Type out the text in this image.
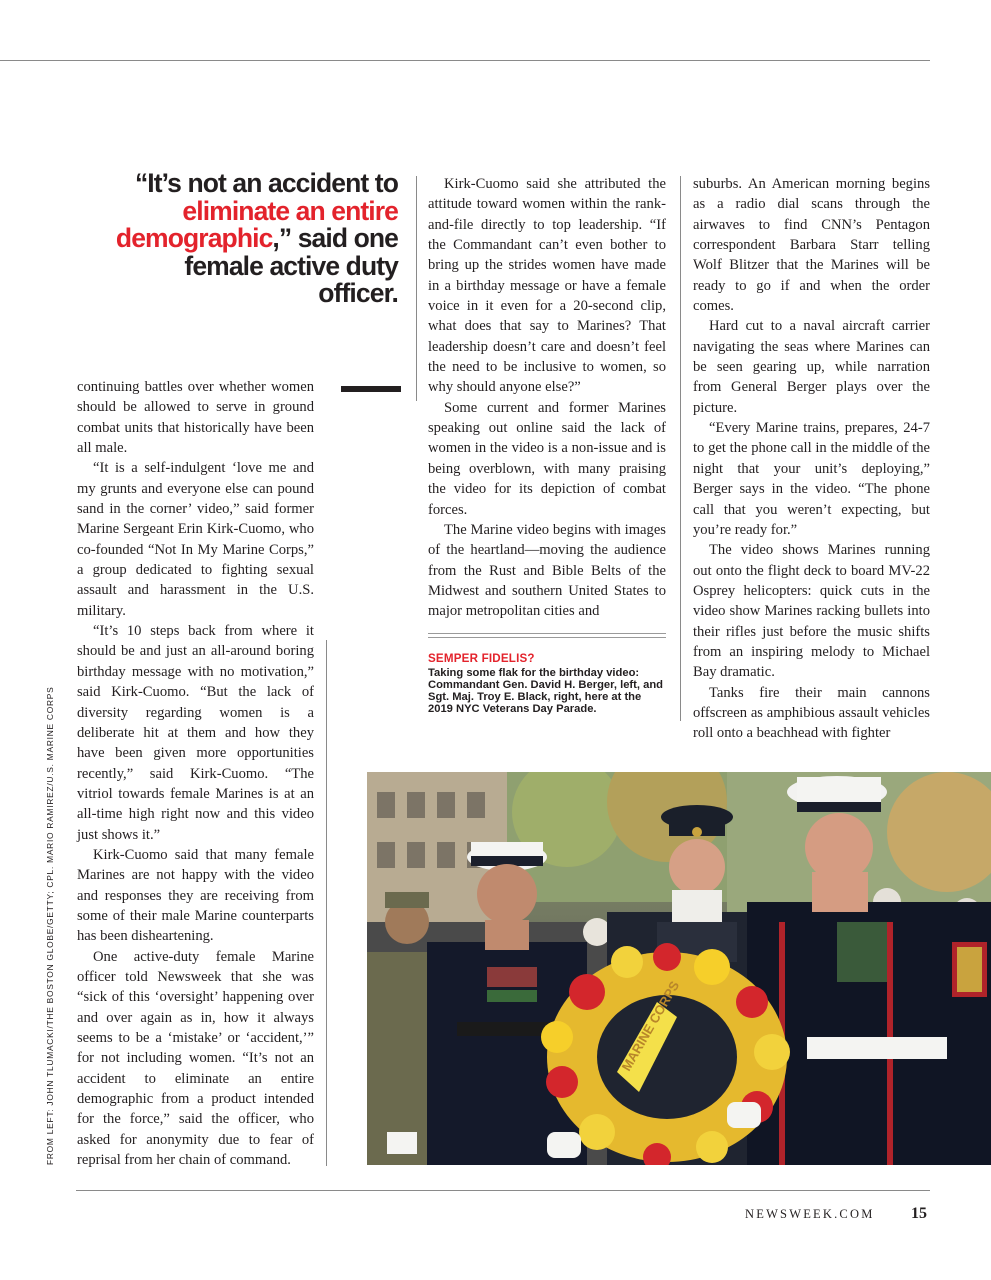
“It’s not an accident to eliminate an entire demographic,” said one female active duty officer.

continuing battles over whether women should be allowed to serve in ground combat units that historically have been all male.

“It is a self-indulgent ‘love me and my grunts and everyone else can pound sand in the corner’ video,” said former Marine Sergeant Erin Kirk-Cuomo, who co-founded “Not In My Marine Corps,” a group dedicated to fighting sexual assault and harassment in the U.S. military.

“It’s 10 steps back from where it should be and just an all-around boring birthday message with no motivation,” said Kirk-Cuomo. “But the lack of diversity regarding women is a deliberate hit at them and how they have been given more opportunities recently,” said Kirk-Cuomo. “The vitriol towards female Marines is at an all-time high right now and this video just shows it.”

Kirk-Cuomo said that many female Marines are not happy with the video and responses they are receiving from some of their male Marine counterparts has been disheartening.

One active-duty female Marine officer told Newsweek that she was “sick of this ‘oversight’ happening over and over again as in, how it always seems to be a ‘mistake’ or ‘accident,’” for not including women. “It’s not an accident to eliminate an entire demographic from a product intended for the force,” said the officer, who asked for anonymity due to fear of reprisal from her chain of command.

Kirk-Cuomo said she attributed the attitude toward women within the rank-and-file directly to top leadership. “If the Commandant can’t even bother to bring up the strides women have made in a birthday message or have a female voice in it even for a 20-second clip, what does that say to Marines? That leadership doesn’t care and doesn’t feel the need to be inclusive to women, so why should anyone else?”

Some current and former Marines speaking out online said the lack of women in the video is a non-issue and is being overblown, with many praising the video for its depiction of combat forces.

The Marine video begins with images of the heartland—moving the audience from the Rust and Bible Belts of the Midwest and southern United States to major metropolitan cities and

suburbs. An American morning begins as a radio dial scans through the airwaves to find CNN’s Pentagon correspondent Barbara Starr telling Wolf Blitzer that the Marines will be ready to go if and when the order comes.

Hard cut to a naval aircraft carrier navigating the seas where Marines can be seen gearing up, while narration from General Berger plays over the picture.

“Every Marine trains, prepares, 24-7 to get the phone call in the middle of the night that your unit’s deploying,” Berger says in the video. “The phone call that you weren’t expecting, but you’re ready for.”

The video shows Marines running out onto the flight deck to board MV-22 Osprey helicopters: quick cuts in the video show Marines racking bullets into their rifles just before the music shifts from an inspiring melody to Michael Bay dramatic.

Tanks fire their main cannons offscreen as amphibious assault vehicles roll onto a beachhead with fighter

SEMPER FIDELIS?
Taking some flak for the birthday video: Commandant Gen. David H. Berger, left, and Sgt. Maj. Troy E. Black, right, here at the 2019 NYC Veterans Day Parade.
FROM LEFT: JOHN TLUMACKI/THE BOSTON GLOBE/GETTY; CPL. MARIO RAMIREZ/U.S. MARINE CORPS	MARINE CORPS
NEWSWEEK.COM 15
